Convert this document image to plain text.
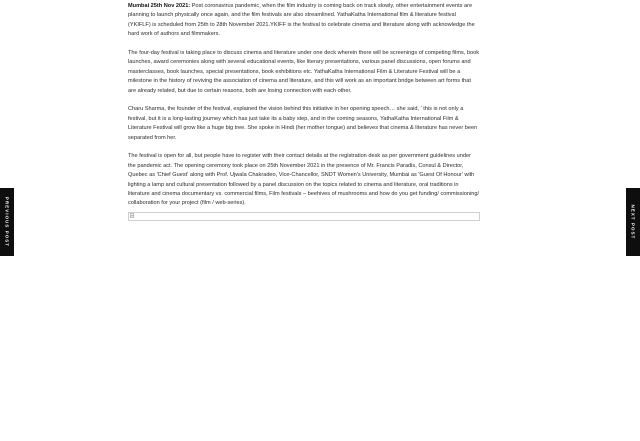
Mumbai 25th Nov 2021: Post coronavirus pandemic, when the film industry is coming back on track slowly, other entertainment events are planning to launch physically once again, and the film festivals are also streamlined. YathaKatha International film & literature festival (YKIFLF) is scheduled from 25th to 28th November 2021.YKIFF is the festival to celebrate cinema and literature along with acknowledge the hard work of authors and filmmakers.

The four-day festival is taking place to discuss cinema and literature under one deck wherein there will be screenings of competing films, book launches, award ceremonies along with several educational events, like literary presentations, various panel discussions, open forums and masterclasses, book launches, special presentations, book exhibitions etc. YathaKatha International Film & Literature Festival will be a milestone in the history of reviving the association of cinema and literature, and this will work as an important bridge between art forms that are already related, but due to certain reasons, both are losing connection with each other.

Charu Sharma, the founder of the festival, explained the vision behind this initiative in her opening speech… she said, ' this is not only a festival, but it is a long-lasting journey which has just take its a baby step, and in the coming seasons, YathaKatha International Film & Literature Festival will grow like a huge big tree. She spoke in Hindi (her mother tongue) and believes that cinema & literature has never been separated from her.

The festival is open for all, but people have to register with their contact details at the registration desk as per government guidelines under the pandemic act. The opening ceremony took place on 25th November 2021 in the presence of Mr. Francis Paradis, Consul & Director, Quebec as 'Chief Guest' along with Prof. Ujwala Chakradeo, Vice-Chancellor, SNDT Women's University, Mumbai as 'Guest Of Honour' with lighting a lamp and cultural presentation followed by a panel discussion on the topics related to cinema and literature, oral traditions in literature and cinema documentary vs. commercial films, Film festivals – beehives of mushrooms and how do you get funding/ commissioning/ collaboration for your project (film / web-series).

PREVIOUS POST	NEXT POST
